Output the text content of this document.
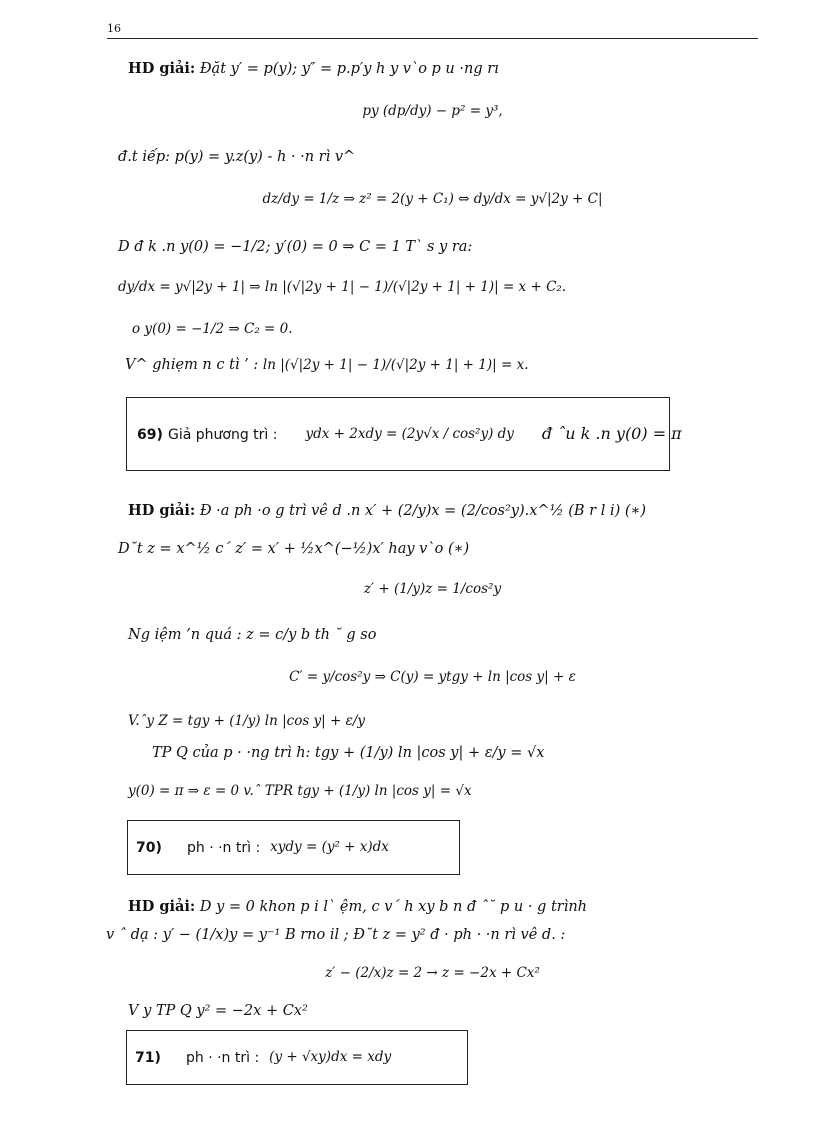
16
HD giải: Đặt y′ = p(y); y″ = p.p′y h y v`o p u ·ng rı
py (dp/dy) − p² = y³,
đ.t iếp: p(y) = y.z(y) - h · ·n rı̀ v^
dz/dy = 1/z ⇒ z² = 2(y + C₁) ⇔ dy/dx = y√|2y + C|
D đ k .n y(0) = −1/2; y′(0) = 0 ⇒ C = 1 T` s y ra:
dy/dx = y√|2y + 1| ⇒ ln |(√|2y + 1| − 1)/(√|2y + 1| + 1)| = x + C₂.
o y(0) = −1/2 ⇒ C₂ = 0.
V^ ghiẹm n c tı̀ ’ : ln |(√|2y + 1| − 1)/(√|2y + 1| + 1)| = x.
69) Giả phương trı̀ : ydx + 2xdy = (2y√x / cos²y) dy đ ˆu k .n y(0) = π
HD giải: Đ ·a ph ·o g trı̀ vê d .n x′ + (2/y)x = (2/cos²y).x^½ (B r l i) (∗)
D˘t z = x^½ c´ z′ = x′ + ½x^(−½)x′ hay v`o (∗)
z′ + (1/y)z = 1/cos²y
Ng iệm ’n quá : z = c/y b th ˘ g so
C′ = y/cos²y ⇒ C(y) = ytgy + ln |cos y| + ε
V.ˆy Z = tgy + (1/y) ln |cos y| + ε/y
TP Q của p · ·ng trı̀ h: tgy + (1/y) ln |cos y| + ε/y = √x
y(0) = π ⇒ ε = 0 v.ˆ TPR tgy + (1/y) ln |cos y| = √x
70) ph · ·n trı̀ : xydy = (y² + x)dx
HD giải: D y = 0 khon p i l` ệm, c v´ h xy b n đ ˆ˘ p u · g trình
v ˆ dạ : y′ − (1/x)y = y⁻¹ B rno il ; Đ˘t z = y² đ · ph · ·n rı̀ vê d. :
z′ − (2/x)z = 2 → z = −2x + Cx²
V y TP Q y² = −2x + Cx²
71) ph · ·n trı̀ : (y + √xy)dx = xdy
